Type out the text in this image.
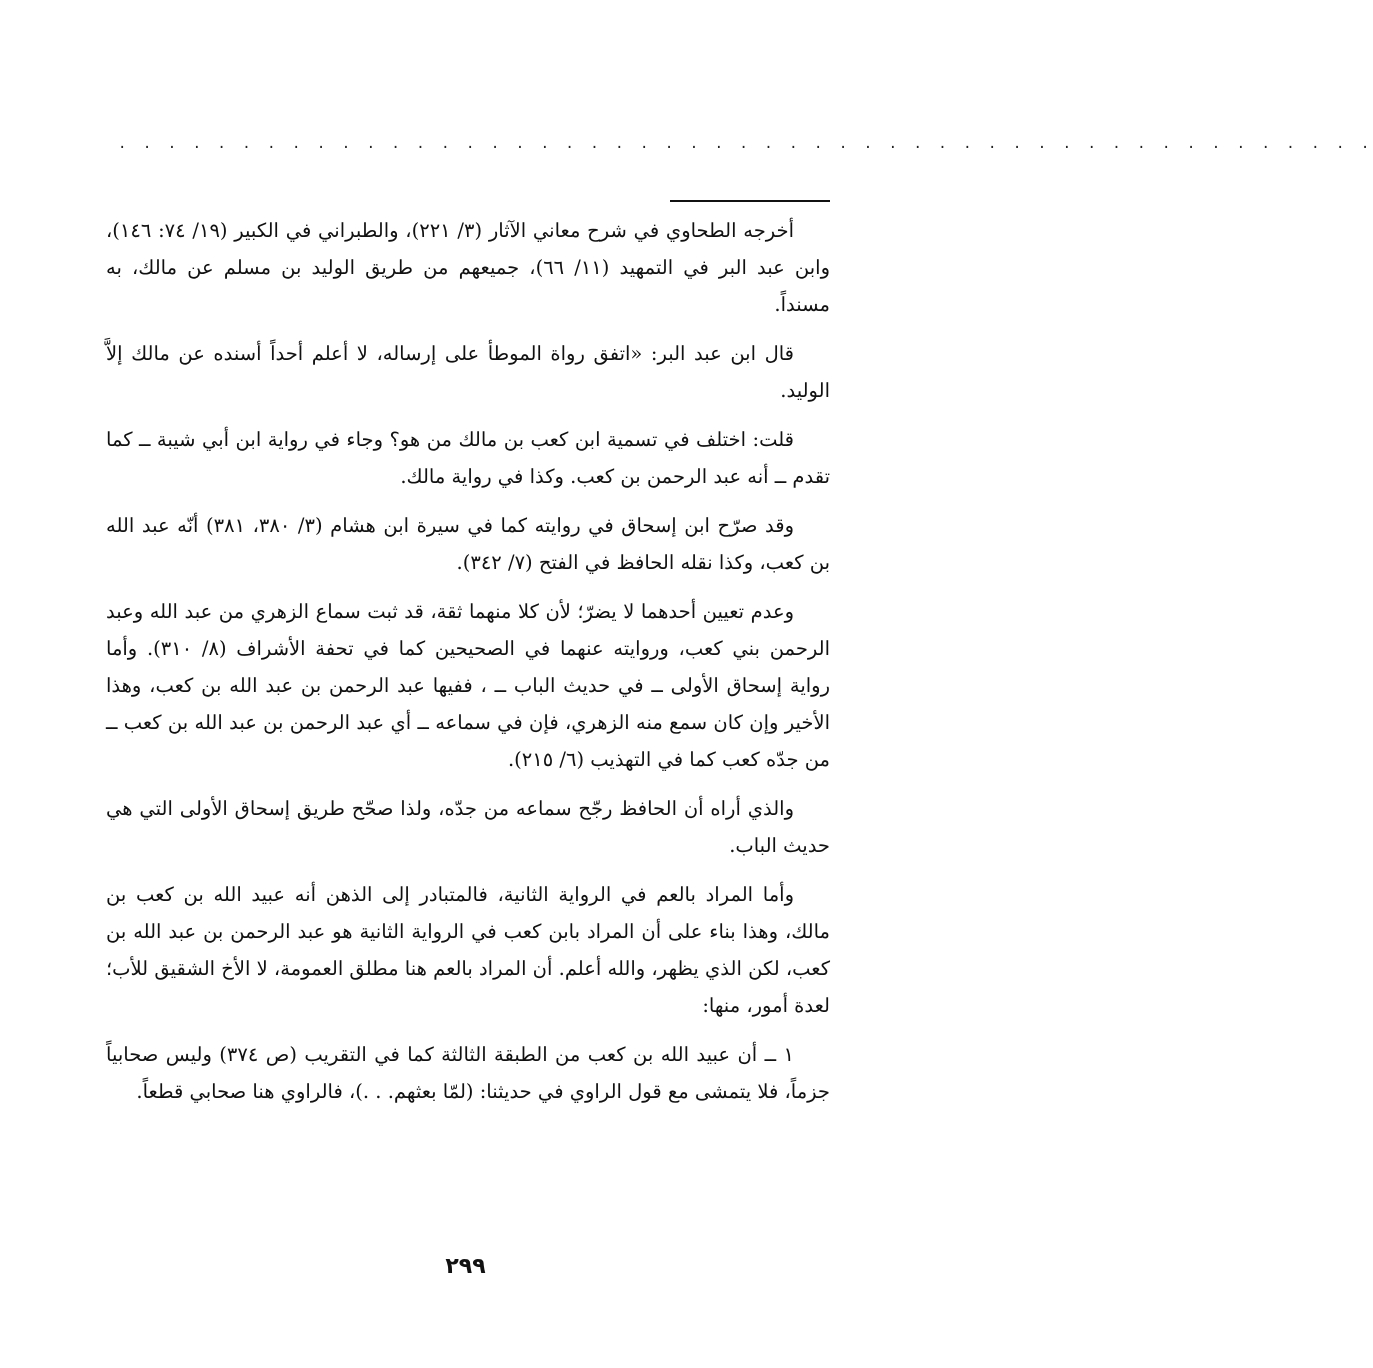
. . . . . . . . . . . . . . . . . . . . . . . . . . . . . . . . . . . . . . . . . . . . . . . . . . .

أخرجه الطحاوي في شرح معاني الآثار (٣/ ٢٢١)، والطبراني في الكبير (١٩/ ٧٤: ١٤٦)، وابن عبد البر في التمهيد (١١/ ٦٦)، جميعهم من طريق الوليد بن مسلم عن مالك، به مسنداً.

قال ابن عبد البر: «اتفق رواة الموطأ على إرساله، لا أعلم أحداً أسنده عن مالك إلاَّ الوليد.

قلت: اختلف في تسمية ابن كعب بن مالك من هو؟ وجاء في رواية ابن أبي شيبة ــ كما تقدم ــ أنه عبد الرحمن بن كعب. وكذا في رواية مالك.

وقد صرّح ابن إسحاق في روايته كما في سيرة ابن هشام (٣/ ٣٨٠، ٣٨١) أنّه عبد الله بن كعب، وكذا نقله الحافظ في الفتح (٧/ ٣٤٢).

وعدم تعيين أحدهما لا يضرّ؛ لأن كلا منهما ثقة، قد ثبت سماع الزهري من عبد الله وعبد الرحمن بني كعب، وروايته عنهما في الصحيحين كما في تحفة الأشراف (٨/ ٣١٠). وأما رواية إسحاق الأولى ــ في حديث الباب ــ ، ففيها عبد الرحمن بن عبد الله بن كعب، وهذا الأخير وإن كان سمع منه الزهري، فإن في سماعه ــ أي عبد الرحمن بن عبد الله بن كعب ــ من جدّه كعب كما في التهذيب (٦/ ٢١٥).

والذي أراه أن الحافظ رجّح سماعه من جدّه، ولذا صحّح طريق إسحاق الأولى التي هي حديث الباب.

وأما المراد بالعم في الرواية الثانية، فالمتبادر إلى الذهن أنه عبيد الله بن كعب بن مالك، وهذا بناء على أن المراد بابن كعب في الرواية الثانية هو عبد الرحمن بن عبد الله بن كعب، لكن الذي يظهر، والله أعلم. أن المراد بالعم هنا مطلق العمومة، لا الأخ الشقيق للأب؛ لعدة أمور، منها:

١ ــ أن عبيد الله بن كعب من الطبقة الثالثة كما في التقريب (ص ٣٧٤) وليس صحابياً جزماً، فلا يتمشى مع قول الراوي في حديثنا: (لمّا بعثهم. . .)، فالراوي هنا صحابي قطعاً.

٢٩٩
